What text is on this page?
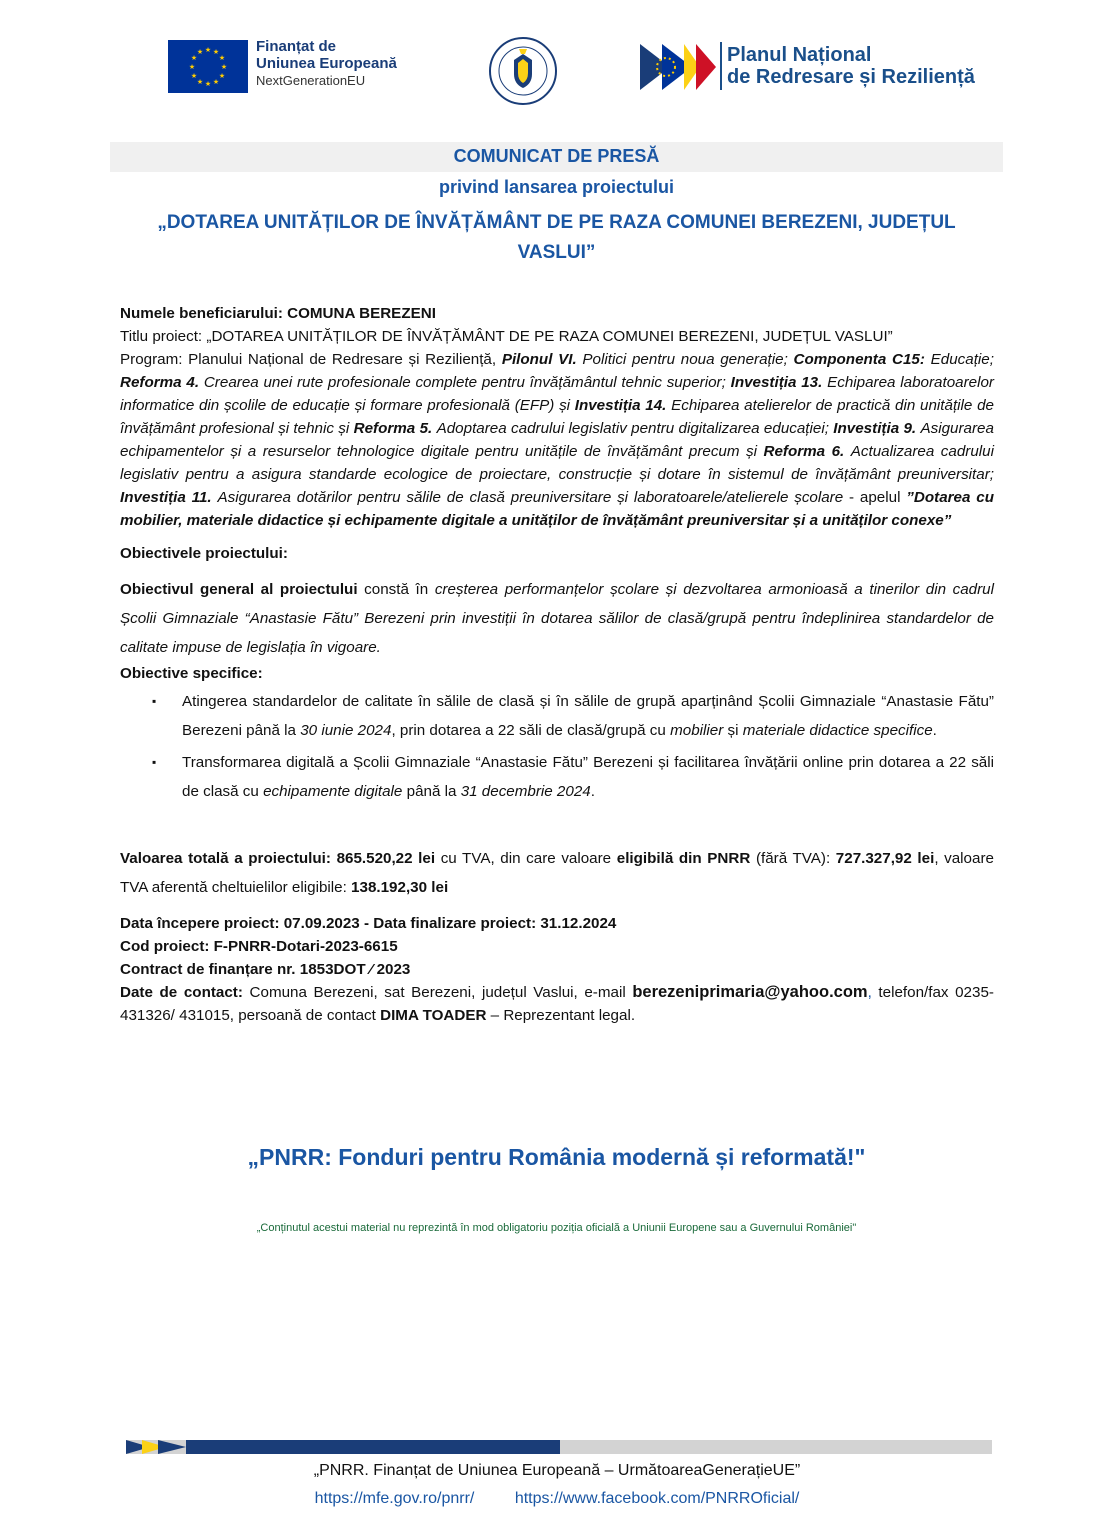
★ ★
★
★
★
★
★
★
★
★
★
★	Finanțat de
Uniunea Europeană
NextGenerationEU
Planul Național
de Redresare și Reziliență
COMUNICAT DE PRESĂ
privind lansarea proiectului
„DOTAREA UNITĂȚILOR DE ÎNVĂȚĂMÂNT DE PE RAZA COMUNEI BEREZENI, JUDEȚUL VASLUI”

Numele beneficiarului: COMUNA BEREZENI

Titlu proiect: „DOTAREA UNITĂȚILOR DE ÎNVĂȚĂMÂNT DE PE RAZA COMUNEI BEREZENI, JUDEȚUL VASLUI”

Program: Planului Național de Redresare și Reziliență, Pilonul VI. Politici pentru noua generație; Componenta C15: Educație; Reforma 4. Crearea unei rute profesionale complete pentru învățământul tehnic superior; Investiția 13. Echiparea laboratoarelor informatice din școlile de educație și formare profesională (EFP) și Investiția 14. Echiparea atelierelor de practică din unitățile de învățământ profesional și tehnic și Reforma 5. Adoptarea cadrului legislativ pentru digitalizarea educației; Investiția 9. Asigurarea echipamentelor și a resurselor tehnologice digitale pentru unitățile de învățământ precum și Reforma 6. Actualizarea cadrului legislativ pentru a asigura standarde ecologice de proiectare, construcție și dotare în sistemul de învățământ preuniversitar; Investiția 11. Asigurarea dotărilor pentru sălile de clasă preuniversitare și laboratoarele/atelierele școlare - apelul ”Dotarea cu mobilier, materiale didactice și echipamente digitale a unităților de învățământ preuniversitar și a unităților conexe”

Obiectivele proiectului:

Obiectivul general al proiectului constă în creșterea performanțelor școlare și dezvoltarea armonioasă a tinerilor din cadrul Școlii Gimnaziale “Anastasie Fătu” Berezeni prin investiții în dotarea sălilor de clasă/grupă pentru îndeplinirea standardelor de calitate impuse de legislația în vigoare.

Obiective specifice:

▪ Atingerea standardelor de calitate în sălile de clasă și în sălile de grupă aparținând Școlii Gimnaziale “Anastasie Fătu” Berezeni până la 30 iunie 2024, prin dotarea a 22 săli de clasă/grupă cu mobilier și materiale didactice specifice.
▪ Transformarea digitală a Școlii Gimnaziale “Anastasie Fătu” Berezeni și facilitarea învățării online prin dotarea a 22 săli de clasă cu echipamente digitale până la 31 decembrie 2024.

Valoarea totală a proiectului: 865.520,22 lei cu TVA, din care valoare eligibilă din PNRR (fără TVA): 727.327,92 lei, valoare TVA aferentă cheltuielilor eligibile: 138.192,30 lei

Data începere proiect: 07.09.2023 - Data finalizare proiect: 31.12.2024

Cod proiect: F-PNRR-Dotari-2023-6615

Contract de finanțare nr. 1853DOT ⁄ 2023

Date de contact: Comuna Berezeni, sat Berezeni, județul Vaslui, e-mail berezeniprimaria@yahoo.com, telefon/fax 0235- 431326/ 431015, persoană de contact DIMA TOADER – Reprezentant legal.

„PNRR: Fonduri pentru România modernă și reformată!"
„Conținutul acestui material nu reprezintă în mod obligatoriu poziția oficială a Uniunii Europene sau a Guvernului României"
„PNRR. Finanțat de Uniunea Europeană – UrmătoareaGenerațieUE”
https://mfe.gov.ro/pnrr/	https://www.facebook.com/PNRROficial/
